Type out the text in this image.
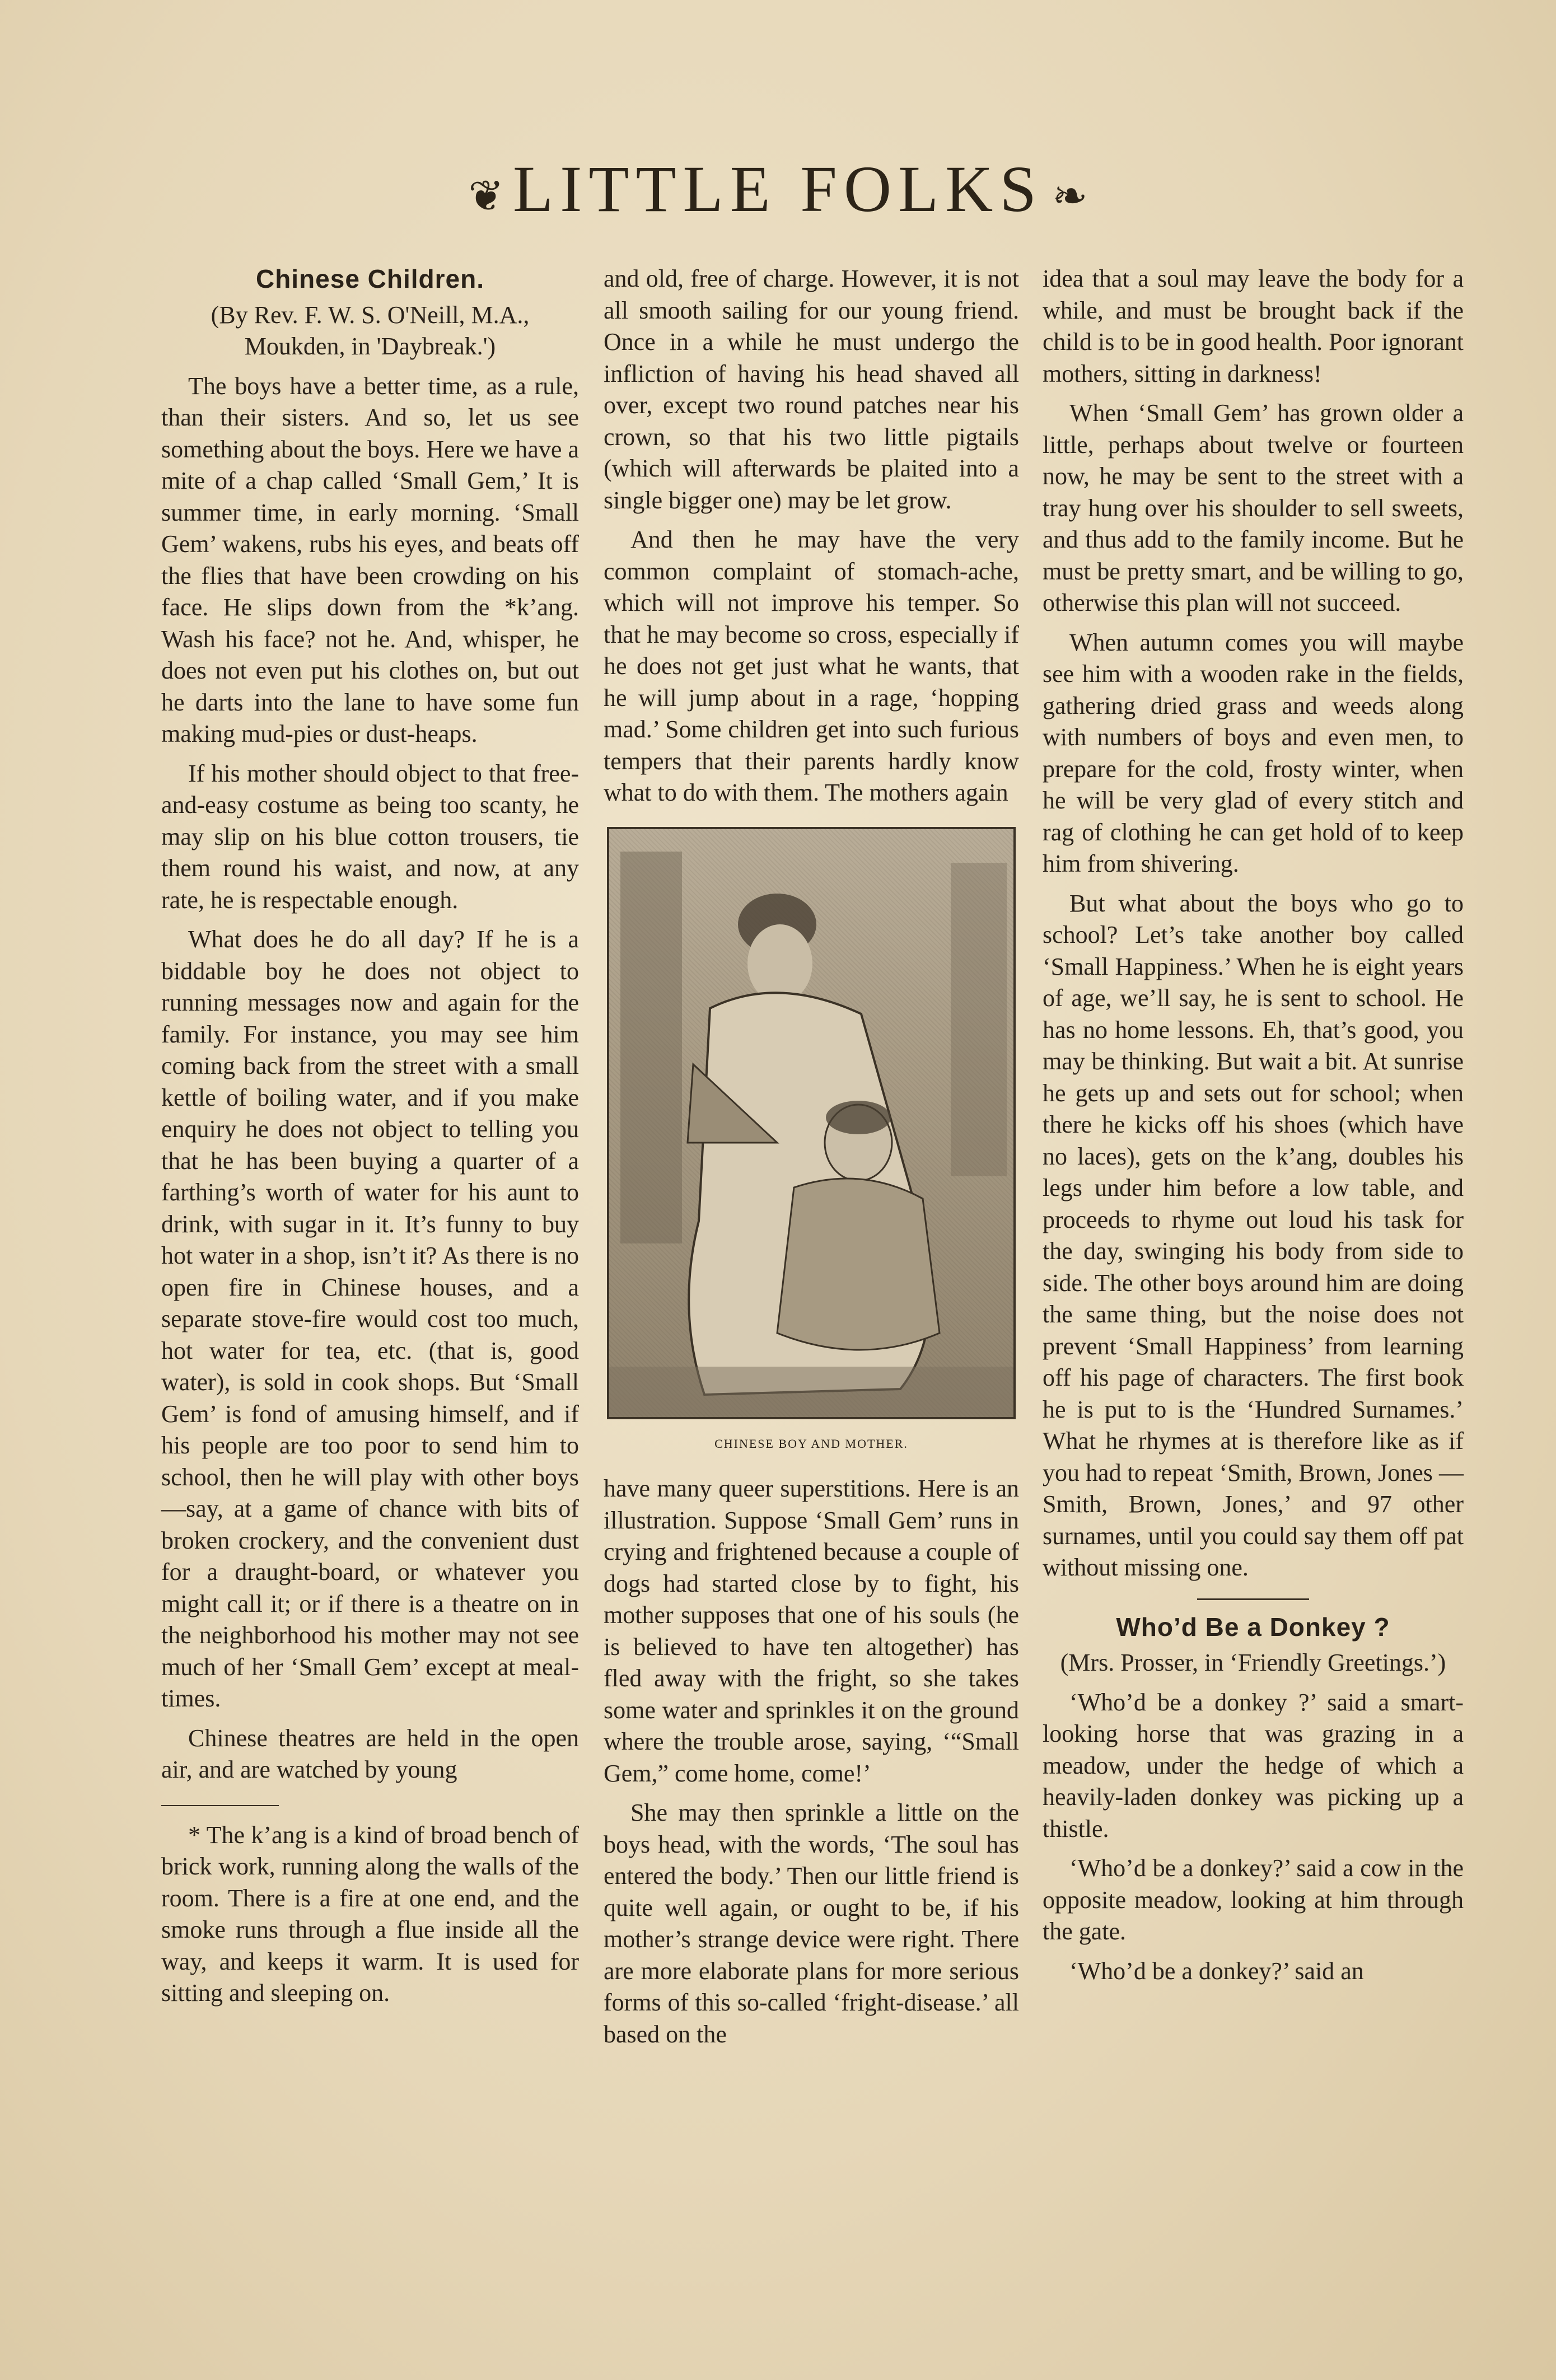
❦ LITTLE FOLKS ❧
Chinese Children.

(By Rev. F. W. S. O'Neill, M.A., Moukden, in 'Daybreak.')

The boys have a better time, as a rule, than their sisters. And so, let us see something about the boys. Here we have a mite of a chap called ‘Small Gem,’ It is summer time, in early morning. ‘Small Gem’ wakens, rubs his eyes, and beats off the flies that have been crowding on his face. He slips down from the *k’ang. Wash his face? not he. And, whisper, he does not even put his clothes on, but out he darts into the lane to have some fun making mud-pies or dust-heaps.

If his mother should object to that free-and-easy costume as being too scanty, he may slip on his blue cotton trousers, tie them round his waist, and now, at any rate, he is respectable enough.

What does he do all day? If he is a biddable boy he does not object to running messages now and again for the family. For instance, you may see him coming back from the street with a small kettle of boiling water, and if you make enquiry he does not object to telling you that he has been buying a quarter of a farthing’s worth of water for his aunt to drink, with sugar in it. It’s funny to buy hot water in a shop, isn’t it? As there is no open fire in Chinese houses, and a separate stove-fire would cost too much, hot water for tea, etc. (that is, good water), is sold in cook shops. But ‘Small Gem’ is fond of amusing himself, and if his people are too poor to send him to school, then he will play with other boys —say, at a game of chance with bits of broken crockery, and the convenient dust for a draught-board, or whatever you might call it; or if there is a theatre on in the neighborhood his mother may not see much of her ‘Small Gem’ except at meal-times.

Chinese theatres are held in the open air, and are watched by young

* The k’ang is a kind of broad bench of brick work, running along the walls of the room. There is a fire at one end, and the smoke runs through a flue inside all the way, and keeps it warm. It is used for sitting and sleeping on.

and old, free of charge. However, it is not all smooth sailing for our young friend. Once in a while he must undergo the infliction of having his head shaved all over, except two round patches near his crown, so that his two little pigtails (which will afterwards be plaited into a single bigger one) may be let grow.

And then he may have the very common complaint of stomach-ache, which will not improve his temper. So that he may become so cross, especially if he does not get just what he wants, that he will jump about in a rage, ‘hopping mad.’ Some children get into such furious tempers that their parents hardly know what to do with them. The mothers again

CHINESE BOY AND MOTHER.

have many queer superstitions. Here is an illustration. Suppose ‘Small Gem’ runs in crying and frightened because a couple of dogs had started close by to fight, his mother supposes that one of his souls (he is believed to have ten altogether) has fled away with the fright, so she takes some water and sprinkles it on the ground where the trouble arose, saying, ‘“Small Gem,” come home, come!’

She may then sprinkle a little on the boys head, with the words, ‘The soul has entered the body.’ Then our little friend is quite well again, or ought to be, if his mother’s strange device were right. There are more elaborate plans for more serious forms of this so-called ‘fright-disease.’ all based on the

idea that a soul may leave the body for a while, and must be brought back if the child is to be in good health. Poor ignorant mothers, sitting in darkness!

When ‘Small Gem’ has grown older a little, perhaps about twelve or fourteen now, he may be sent to the street with a tray hung over his shoulder to sell sweets, and thus add to the family income. But he must be pretty smart, and be willing to go, otherwise this plan will not succeed.

When autumn comes you will maybe see him with a wooden rake in the fields, gathering dried grass and weeds along with numbers of boys and even men, to prepare for the cold, frosty winter, when he will be very glad of every stitch and rag of clothing he can get hold of to keep him from shivering.

But what about the boys who go to school? Let’s take another boy called ‘Small Happiness.’ When he is eight years of age, we’ll say, he is sent to school. He has no home lessons. Eh, that’s good, you may be thinking. But wait a bit. At sunrise he gets up and sets out for school; when there he kicks off his shoes (which have no laces), gets on the k’ang, doubles his legs under him before a low table, and proceeds to rhyme out loud his task for the day, swinging his body from side to side. The other boys around him are doing the same thing, but the noise does not prevent ‘Small Happiness’ from learning off his page of characters. The first book he is put to is the ‘Hundred Surnames.’ What he rhymes at is therefore like as if you had to repeat ‘Smith, Brown, Jones —Smith, Brown, Jones,’ and 97 other surnames, until you could say them off pat without missing one.

Who’d Be a Donkey ?

(Mrs. Prosser, in ‘Friendly Greetings.’)

‘Who’d be a donkey ?’ said a smart-looking horse that was grazing in a meadow, under the hedge of which a heavily-laden donkey was picking up a thistle.

‘Who’d be a donkey?’ said a cow in the opposite meadow, looking at him through the gate.

‘Who’d be a donkey?’ said an
